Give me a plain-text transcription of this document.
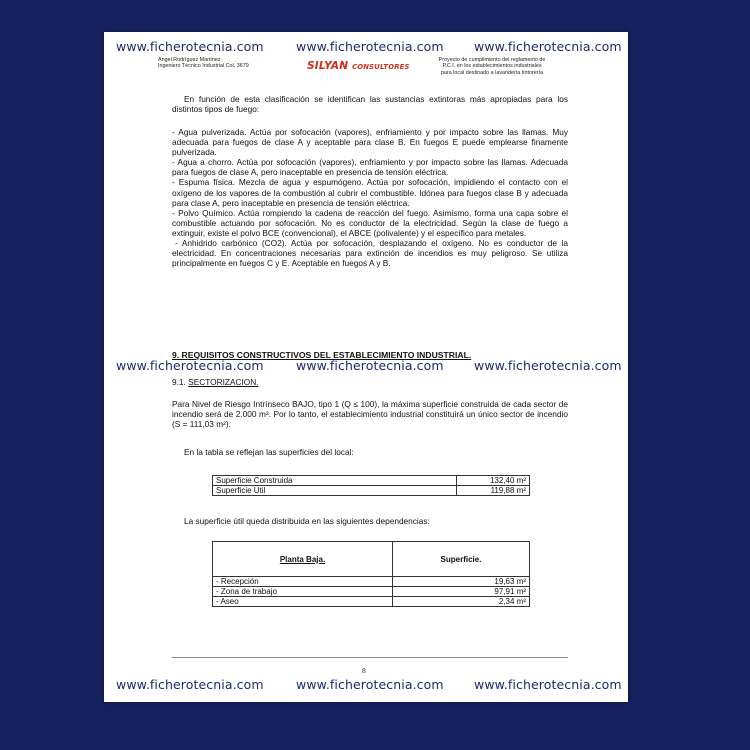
www.ficherotecnia.com	www.ficherotecnia.com www.ficherotecnia.com
Ángel Rodríguez Martínez
Ingeniero Técnico Industrial Col. 3679	SILYAN CONSULTORES
Proyecto de cumplimiento del reglamento de
P.C.I. en los establecimientos industriales
para local destinado a lavandería tintorería
En función de esta clasificación se identifican las sustancias extintoras más apropiadas para los distintos tipos de fuego:
- Agua pulverizada. Actúa por sofocación (vapores), enfriamiento y por impacto sobre las llamas. Muy adecuada para fuegos de clase A y aceptable para clase B. En fuegos E puede emplearse finamente pulverizada.
- Agua a chorro. Actúa por sofocación (vapores), enfriamiento y por impacto sobre las llamas. Adecuada para fuegos de clase A, pero inaceptable en presencia de tensión eléctrica.
- Espuma física. Mezcla de agua y espumógeno. Actúa por sofocación, impidiendo el contacto con el oxígeno de los vapores de la combustión al cubrir el combustible. Idónea para fuegos clase B y adecuada para clase A, pero inaceptable en presencia de tensión eléctrica.
- Polvo Químico. Actúa rompiendo la cadena de reacción del fuego. Asimismo, forma una capa sobre el combustible actuando por sofocación. No es conductor de la electricidad. Según la clase de fuego a extinguir, existe el polvo BCE (convencional), el ABCE (polivalente) y el específico para metales.
- Anhidrido carbónico (CO2). Actúa por sofocación, desplazando el oxígeno. No es conductor de la electricidad. En concentraciones necesarias para extinción de incendios es muy peligroso. Se utiliza principalmente en fuegos C y E. Aceptable en fuegos A y B.
9. REQUISITOS CONSTRUCTIVOS DEL ESTABLECIMIENTO INDUSTRIAL.
www.ficherotecnia.com	www.ficherotecnia.com www.ficherotecnia.com
9.1. SECTORIZACION.
Para Nivel de Riesgo Intrínseco BAJO, tipo 1 (Q ≤ 100), la máxima superficie construida de cada sector de incendio será de 2.000 m². Por lo tanto, el establecimiento industrial constituirá un único sector de incendio (S = 111,03 m²).
En la tabla se reflejan las superficies del local:
Superficie Construida	132,40 m²
Superficie Util	119,88 m²
La superficie útil queda distribuida en las siguientes dependencias:
Planta Baja.	Superficie.
- Recepción	19,63 m²
- Zona de trabajo	97,91 m²
- Aseo	2,34 m²
8
www.ficherotecnia.com	www.ficherotecnia.com www.ficherotecnia.com
